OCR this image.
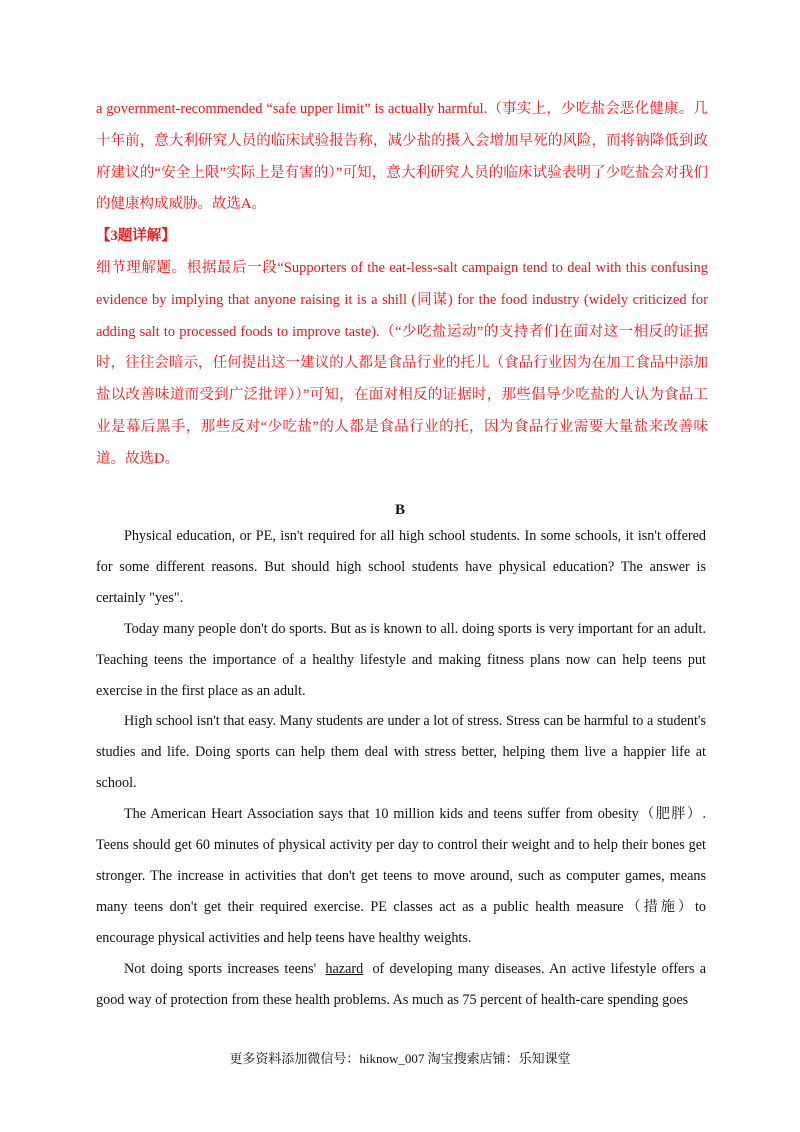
a government-recommended “safe upper limit” is actually harmful.（事实上，少吃盐会恶化健康。几十年前，意大利研究人员的临床试验报告称，减少盐的摄入会增加早死的风险，而将钠降低到政府建议的“安全上限”实际上是有害的）”可知，意大利研究人员的临床试验表明了少吃盐会对我们的健康构成威胁。故选A。

【3题详解】

细节理解题。根据最后一段“Supporters of the eat-less-salt campaign tend to deal with this confusing evidence by implying that anyone raising it is a shill (同谋) for the food industry (widely criticized for adding salt to processed foods to improve taste).（“少吃盐运动”的支持者们在面对这一相反的证据时，往往会暗示，任何提出这一建议的人都是食品行业的托儿（食品行业因为在加工食品中添加盐以改善味道而受到广泛批评））”可知，在面对相反的证据时，那些倡导少吃盐的人认为食品工业是幕后黑手，那些反对“少吃盐”的人都是食品行业的托，因为食品行业需要大量盐来改善味道。故选D。

B

Physical education, or PE, isn't required for all high school students. In some schools, it isn't offered for some different reasons. But should high school students have physical education? The answer is certainly "yes".

Today many people don't do sports. But as is known to all. doing sports is very important for an adult. Teaching teens the importance of a healthy lifestyle and making fitness plans now can help teens put exercise in the first place as an adult.

High school isn't that easy. Many students are under a lot of stress. Stress can be harmful to a student's studies and life. Doing sports can help them deal with stress better, helping them live a happier life at school.

The American Heart Association says that 10 million kids and teens suffer from obesity（肥胖）. Teens should get 60 minutes of physical activity per day to control their weight and to help their bones get stronger. The increase in activities that don't get teens to move around, such as computer games, means many teens don't get their required exercise. PE classes act as a public health measure（措施）to encourage physical activities and help teens have healthy weights.

Not doing sports increases teens' hazard of developing many diseases. An active lifestyle offers a good way of protection from these health problems. As much as 75 percent of health-care spending goes

更多资料添加微信号：hiknow_007 淘宝搜索店铺：乐知课堂
